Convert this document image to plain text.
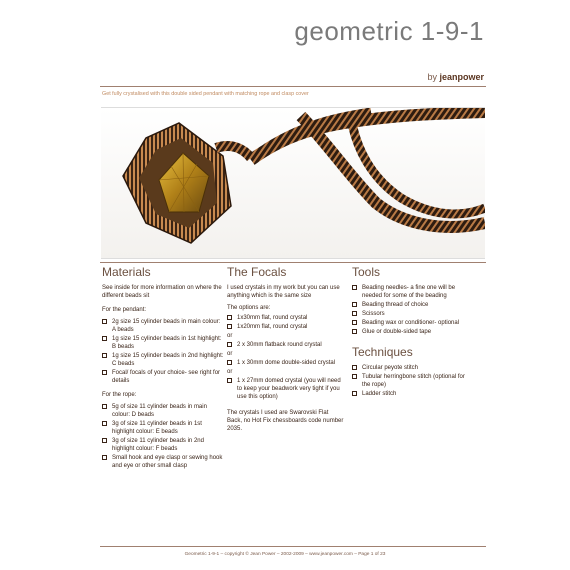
geometric 1-9-1
by jeanpower
Get fully crystalised with this double sided pendant with matching rope and clasp cover
Materials

See inside for more information on where the different beads sit

For the pendant:

2g size 15 cylinder beads in main colour: A beads
1g size 15 cylinder beads in 1st highlight: B beads
1g size 15 cylinder beads in 2nd highlight: C beads
Focal/ focals of your choice- see right for details

For the rope:

5g of size 11 cylinder beads in main colour: D beads
3g of size 11 cylinder beads in 1st highlight colour: E beads
3g of size 11 cylinder beads in 2nd highlight colour: F beads
Small hook and eye clasp or sewing hook and eye or other small clasp
The Focals

I used crystals in my work but you can use anything which is the same size

The options are:

1x30mm flat, round crystal
1x20mm flat, round crystal
or
2 x 30mm flatback round crystal
or
1 x 30mm dome double-sided crystal
or
1 x 27mm domed crystal (you will need to keep your beadwork very tight if you use this option)

The crystals I used are Swarovski Flat Back, no Hot Fix chessboards code number 2035.

Tools
Beading needles- a fine one will be needed for some of the beading
Beading thread of choice
Scissors
Beading wax or conditioner- optional
Glue or double-sided tape
Techniques
Circular peyote stitch
Tubular herringbone stitch (optional for the rope)
Ladder stitch
Geometric 1-9-1 – copyright © Jean Power – 2002-2009 – www.jeanpower.com – Page 1 of 23
